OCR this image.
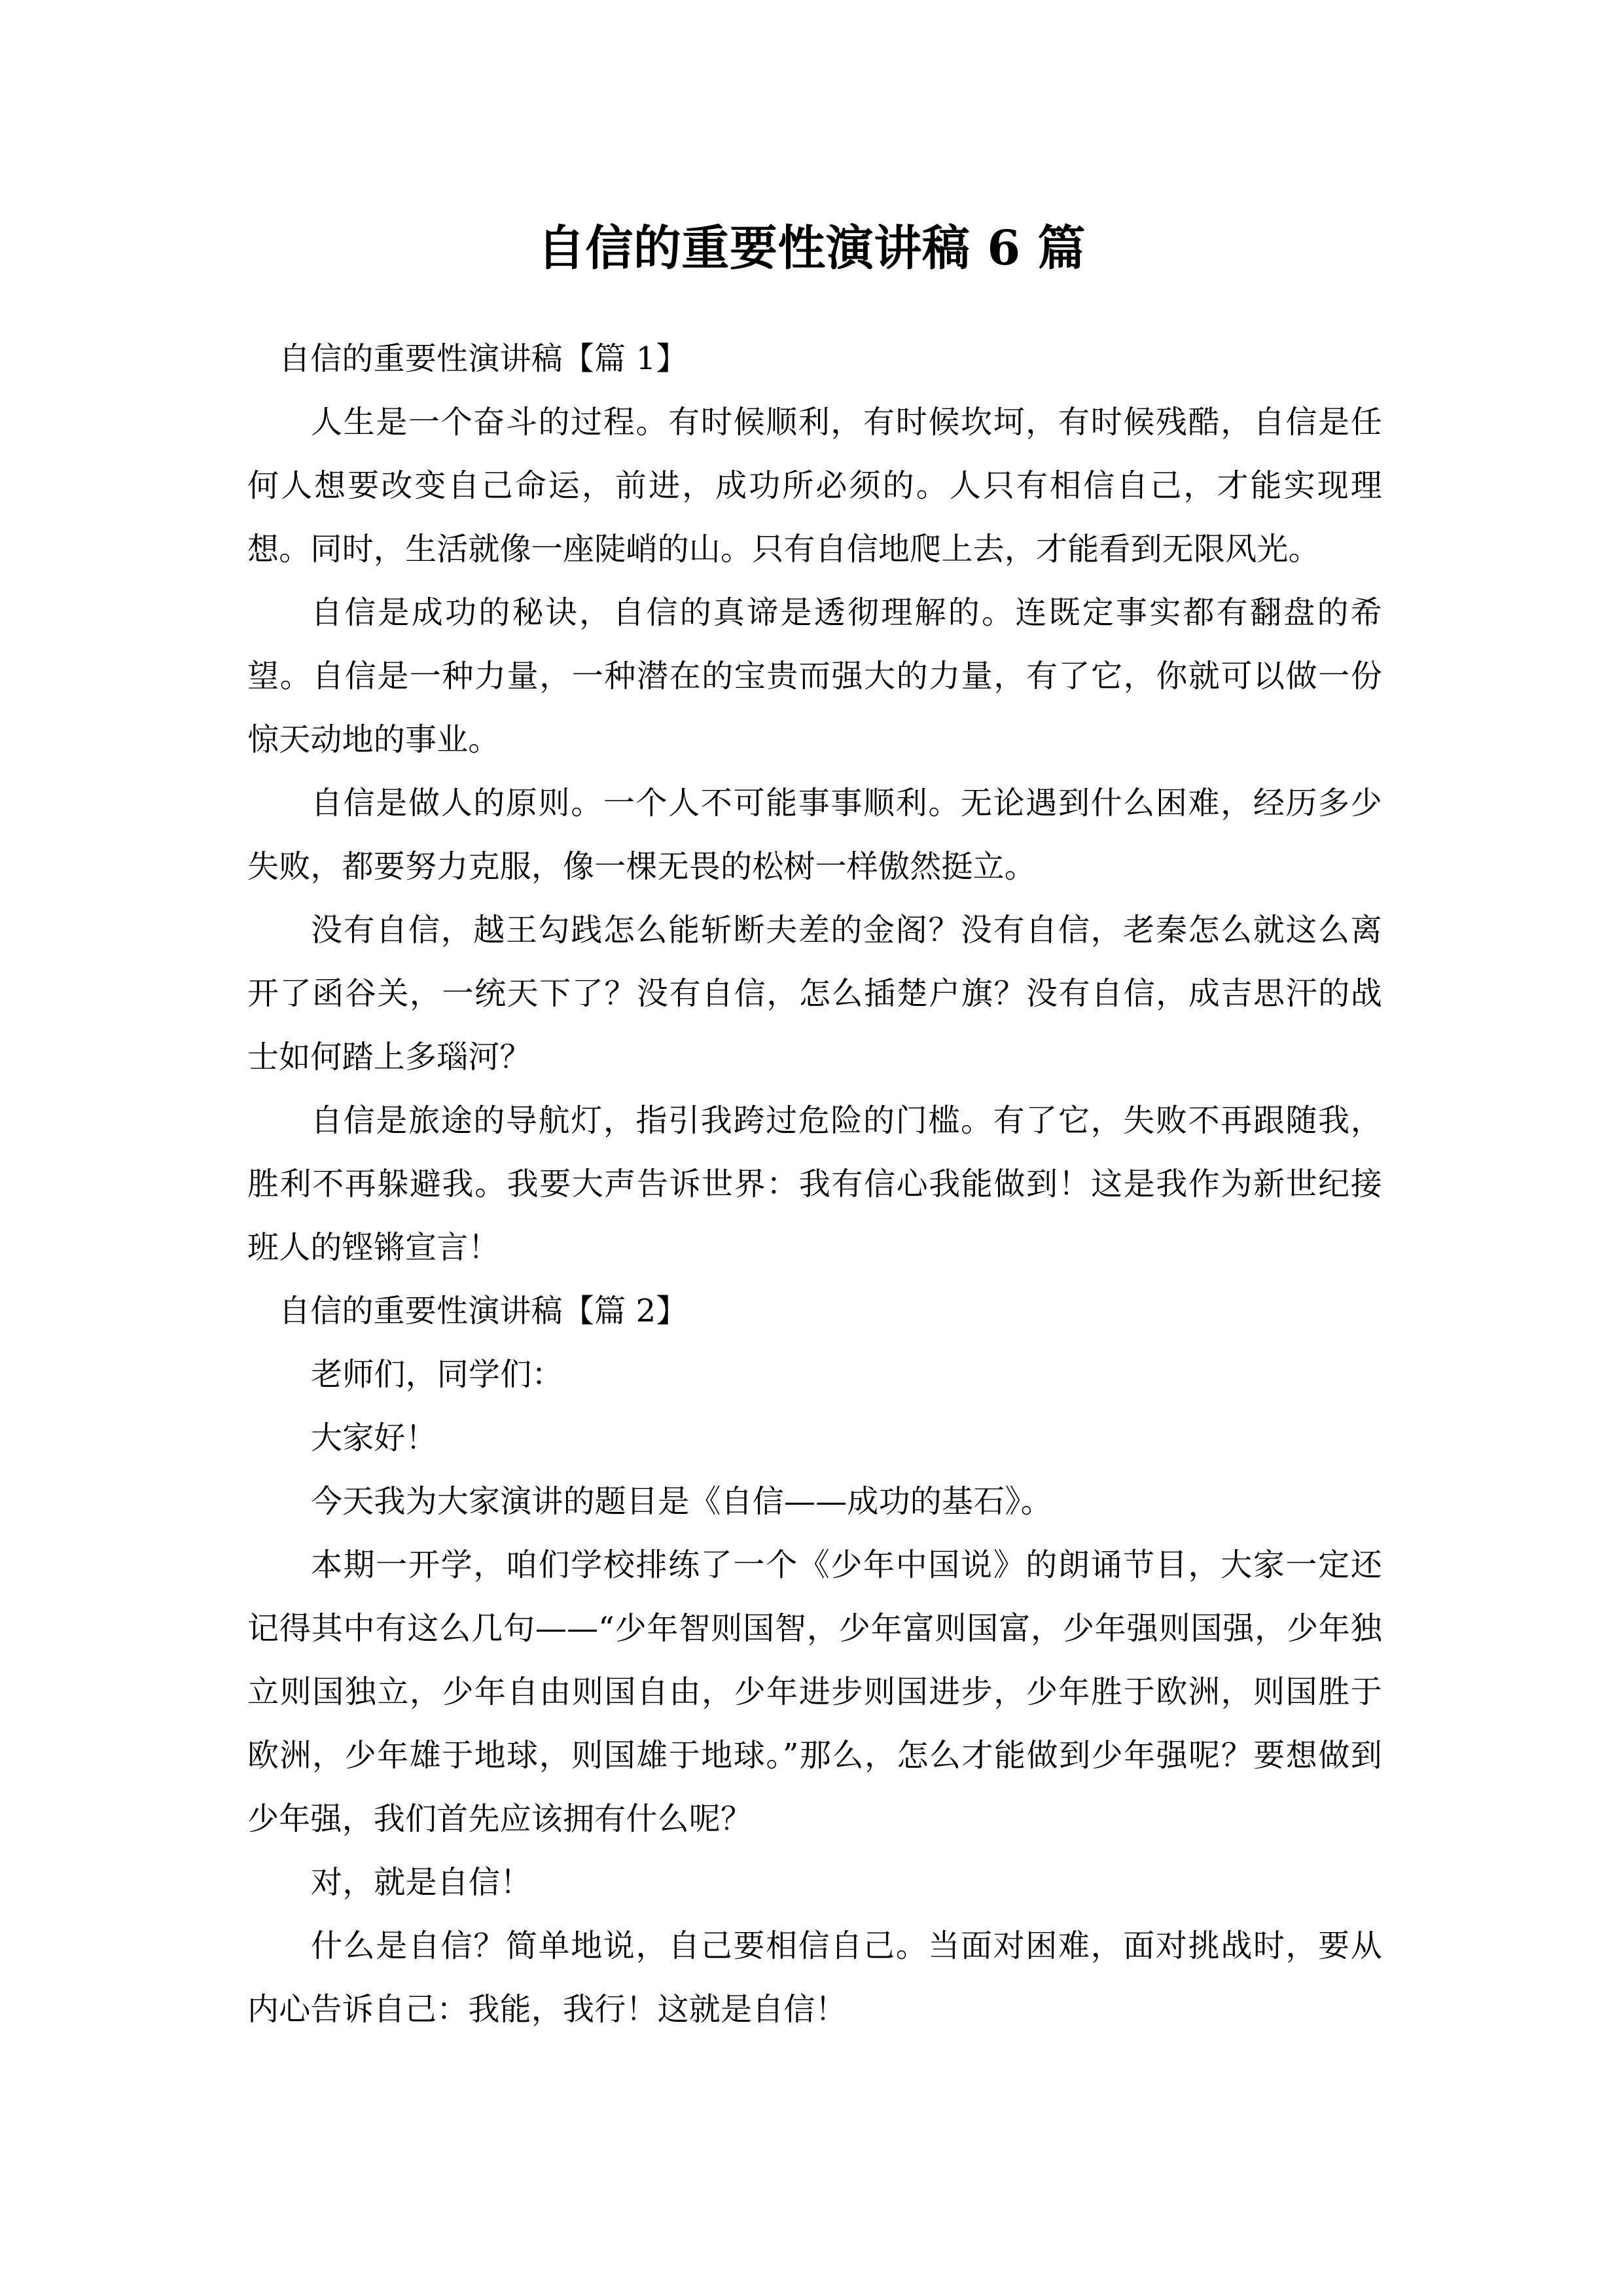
自信的重要性演讲稿 6 篇

自信的重要性演讲稿【篇 1】

人生是一个奋斗的过程。有时候顺利，有时候坎坷，有时候残酷，自信是任何人想要改变自己命运，前进，成功所必须的。人只有相信自己，才能实现理想。同时，生活就像一座陡峭的山。只有自信地爬上去，才能看到无限风光。

自信是成功的秘诀，自信的真谛是透彻理解的。连既定事实都有翻盘的希望。自信是一种力量，一种潜在的宝贵而强大的力量，有了它，你就可以做一份惊天动地的事业。

自信是做人的原则。一个人不可能事事顺利。无论遇到什么困难，经历多少失败，都要努力克服，像一棵无畏的松树一样傲然挺立。

没有自信，越王勾践怎么能斩断夫差的金阁？没有自信，老秦怎么就这么离开了函谷关，一统天下了？没有自信，怎么插楚户旗？没有自信，成吉思汗的战士如何踏上多瑙河？

自信是旅途的导航灯，指引我跨过危险的门槛。有了它，失败不再跟随我，胜利不再躲避我。我要大声告诉世界：我有信心我能做到！这是我作为新世纪接班人的铿锵宣言！

自信的重要性演讲稿【篇 2】

老师们，同学们：

大家好！

今天我为大家演讲的题目是《自信——成功的基石》。

本期一开学，咱们学校排练了一个《少年中国说》的朗诵节目，大家一定还记得其中有这么几句——“少年智则国智，少年富则国富，少年强则国强，少年独立则国独立，少年自由则国自由，少年进步则国进步，少年胜于欧洲，则国胜于欧洲，少年雄于地球，则国雄于地球。”那么，怎么才能做到少年强呢？要想做到少年强，我们首先应该拥有什么呢？

对，就是自信！

什么是自信？简单地说，自己要相信自己。当面对困难，面对挑战时，要从内心告诉自己：我能，我行！这就是自信！
